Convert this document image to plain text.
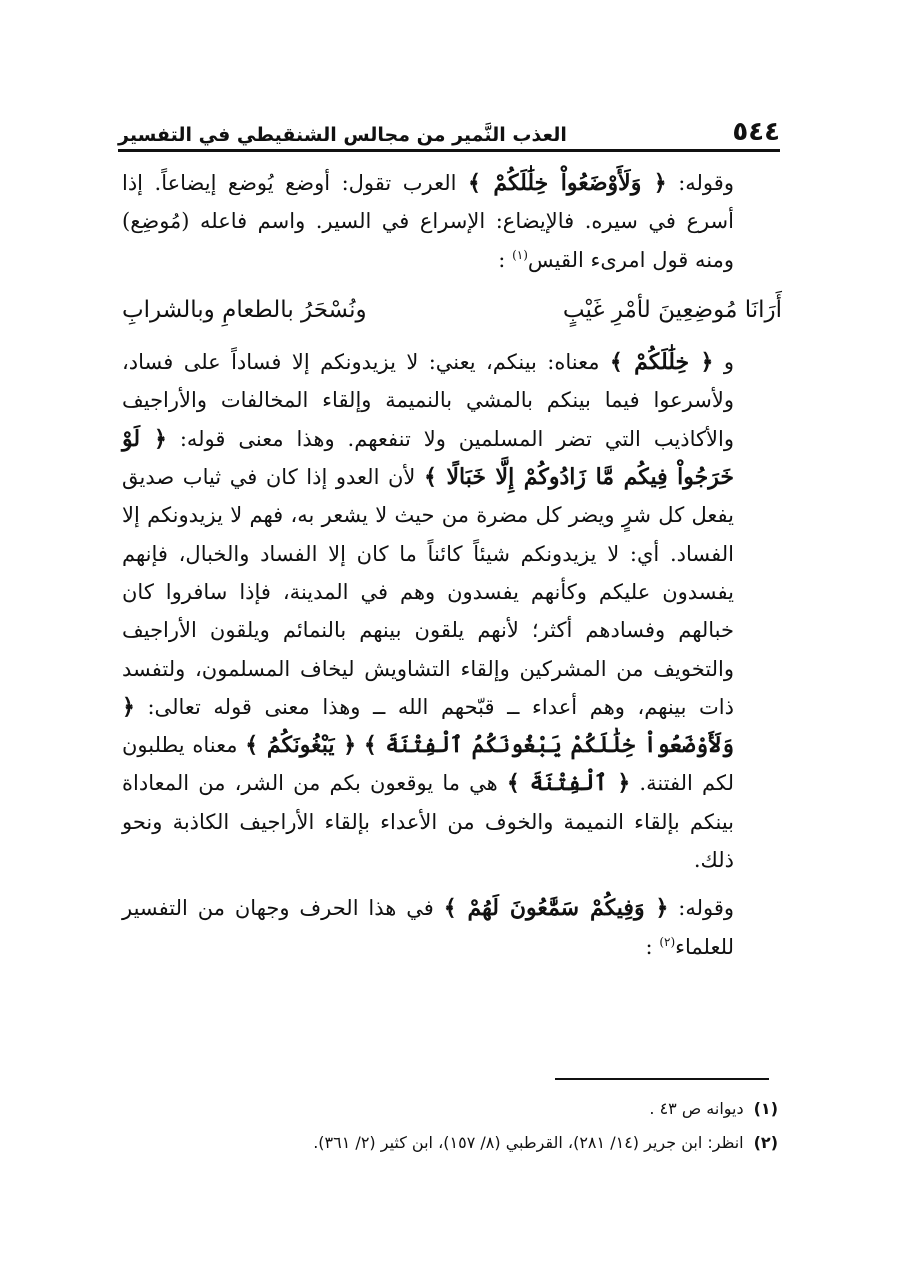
٥٤٤
العذب النَّمير من مجالس الشنقيطي في التفسير

وقوله: ﴿ وَلَأَوْضَعُواْ خِلَٰلَكُمْ ﴾ العرب تقول: أوضع يُوضع إيضاعاً. إذا أسرع في سيره. فالإيضاع: الإسراع في السير. واسم فاعله (مُوضِع) ومنه قول امرىء القيس$^{(١)}$ :

أَرَانَا مُوضِعِينَ لأمْرِ غَيْبٍ
ونُسْحَرُ بالطعامِ وبالشرابِ

و ﴿ خِلَٰلَكُمْ ﴾ معناه: بينكم، يعني: لا يزيدونكم إلا فساداً على فساد، ولأسرعوا فيما بينكم بالمشي بالنميمة وإلقاء المخالفات والأراجيف والأكاذيب التي تضر المسلمين ولا تنفعهم. وهذا معنى قوله: ﴿ لَوْ خَرَجُواْ فِيكُم مَّا زَادُوكُمْ إِلَّا خَبَالًا ﴾ لأن العدو إذا كان في ثياب صديق يفعل كل شرٍ ويضر كل مضرة من حيث لا يشعر به، فهم لا يزيدونكم إلا الفساد. أي: لا يزيدونكم شيئاً كائناً ما كان إلا الفساد والخبال، فإنهم يفسدون عليكم وكأنهم يفسدون وهم في المدينة، فإذا سافروا كان خبالهم وفسادهم أكثر؛ لأنهم يلقون بينهم بالنمائم ويلقون الأراجيف والتخويف من المشركين وإلقاء التشاويش ليخاف المسلمون، ولتفسد ذات بينهم، وهم أعداء ــ قبّحهم الله ــ وهذا معنى قوله تعالى: ﴿ وَلَأَوْضَعُواْ خِلَٰلَكُمْ يَبْغُونَكُمُ ٱلْفِتْنَةَ ﴾ ﴿ يَبْغُونَكُمُ ﴾ معناه يطلبون لكم الفتنة. ﴿ ٱلْفِتْنَةَ ﴾ هي ما يوقعون بكم من الشر، من المعاداة بينكم بإلقاء النميمة والخوف من الأعداء بإلقاء الأراجيف الكاذبة ونحو ذلك.

وقوله: ﴿ وَفِيكُمْ سَمَّٰعُونَ لَهُمْ ﴾ في هذا الحرف وجهان من التفسير للعلماء$^{(٢)}$ :

(١)ديوانه ص ٤٣ .
(٢)انظر: ابن جرير (١٤/ ٢٨١)، القرطبي (٨/ ١٥٧)، ابن كثير (٢/ ٣٦١).
